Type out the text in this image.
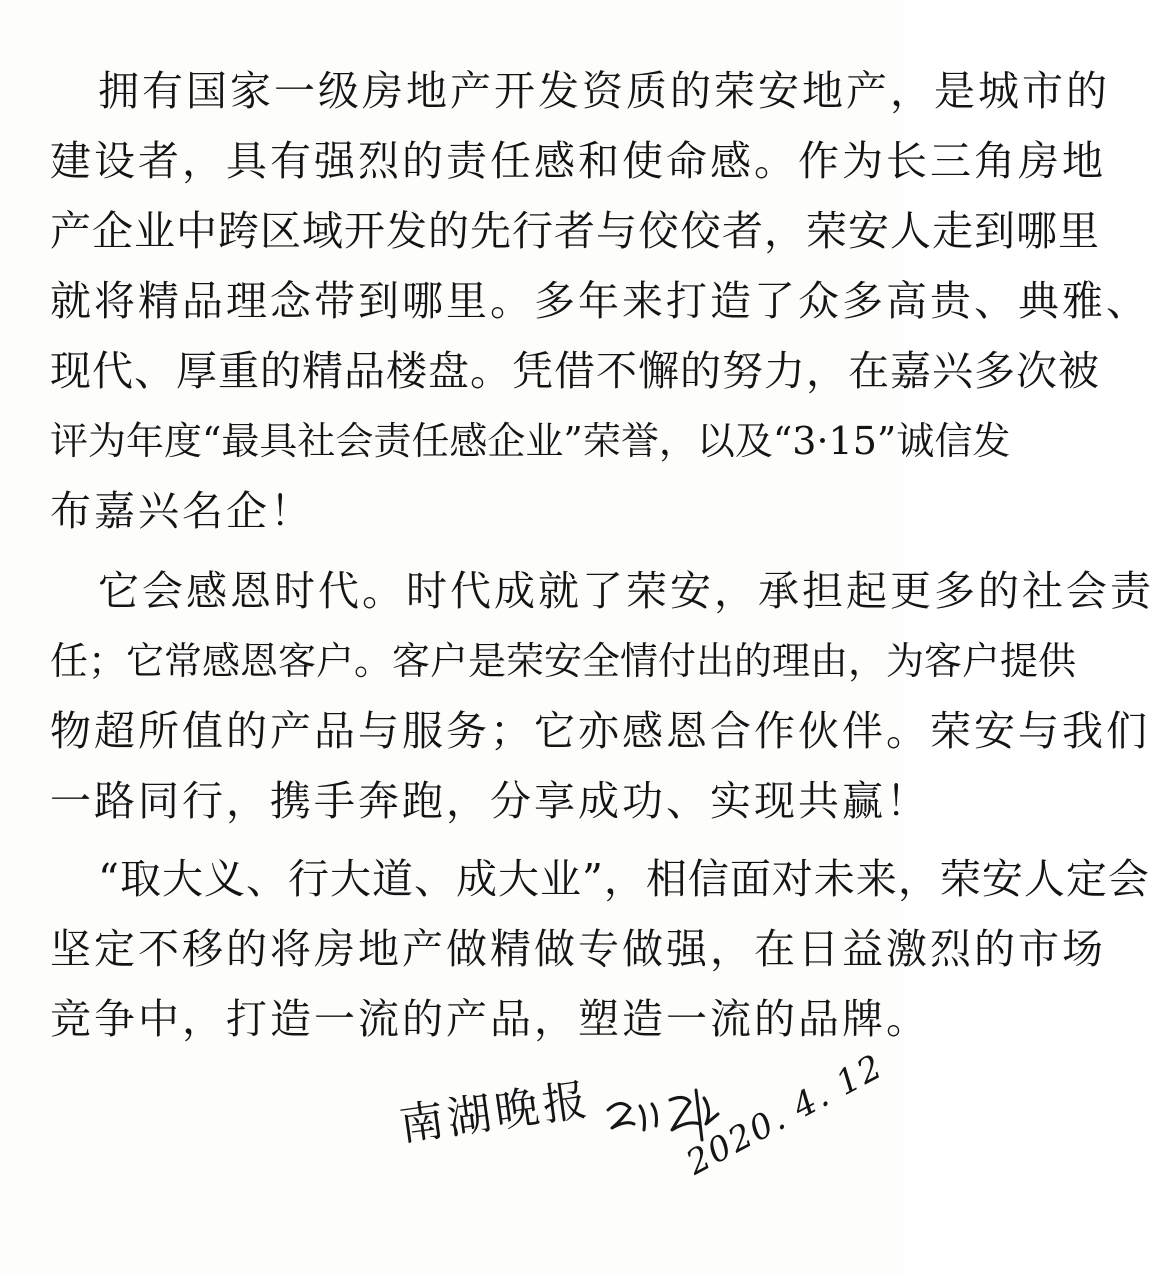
拥有国家一级房地产开发资质的荣安地产，是城市的
建设者，具有强烈的责任感和使命感。作为长三角房地
产企业中跨区域开发的先行者与佼佼者，荣安人走到哪里
就将精品理念带到哪里。多年来打造了众多高贵、典雅、
现代、厚重的精品楼盘。凭借不懈的努力，在嘉兴多次被
评为年度“最具社会责任感企业”荣誉，以及“3·15”诚信发
布嘉兴名企！
它会感恩时代。时代成就了荣安，承担起更多的社会责
任；它常感恩客户。客户是荣安全情付出的理由，为客户提供
物超所值的产品与服务；它亦感恩合作伙伴。荣安与我们
一路同行，携手奔跑，分享成功、实现共赢！
“取大义、行大道、成大业”，相信面对未来，荣安人定会
坚定不移的将房地产做精做专做强，在日益激烈的市场
竞争中，打造一流的产品，塑造一流的品牌。
南湖晚报	2020. 4. 12
